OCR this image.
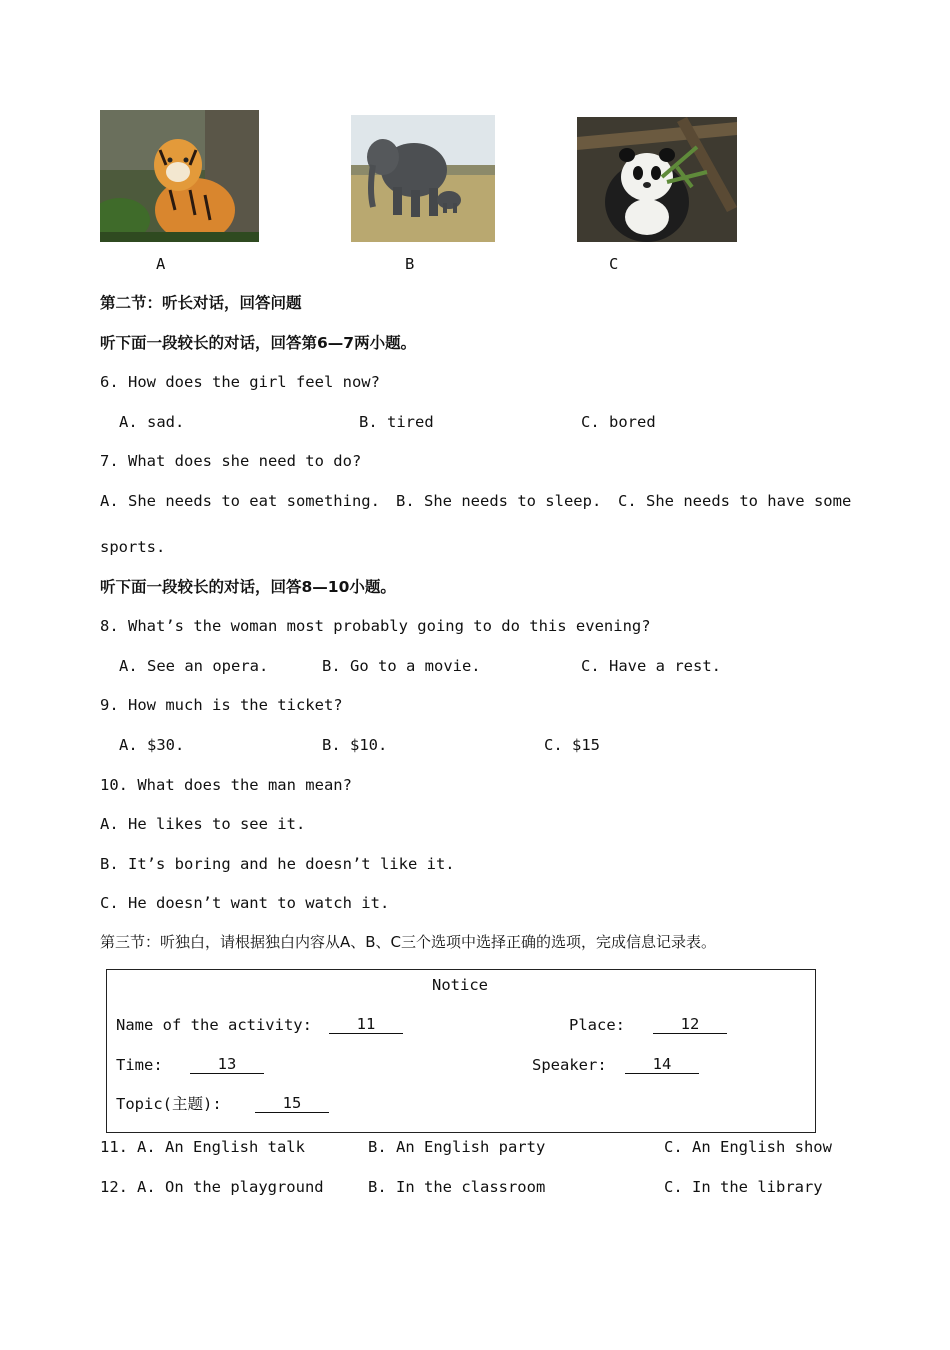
A	B	C
第二节：听长对话，回答问题
听下面一段较长的对话，回答第6—7两小题。
6. How does the girl feel now?
A. sad.	B. tired	C. bored
7. What does she need to do?
A. She needs to eat something. B. She needs to sleep. C. She needs to have some
sports.
听下面一段较长的对话，回答8—10小题。
8. What’s the woman most probably going to do this evening?
A. See an opera.	B. Go to a movie.	C. Have a rest.
9. How much is the ticket?
A. $30.	B. $10.	C. $15
10. What does the man mean?
A. He likes to see it.
B. It’s boring and he doesn’t like it.
C. He doesn’t want to watch it.
第三节：听独白，请根据独白内容从A、B、C三个选项中选择正确的选项，完成信息记录表。
Notice
Name of the activity:	11	Place:	12
Time:	13	Speaker:	14
Topic(主题):	15
11. A. An English talk	B. An English party	C. An English show
12. A. On the playground	B. In the classroom	C. In the library
